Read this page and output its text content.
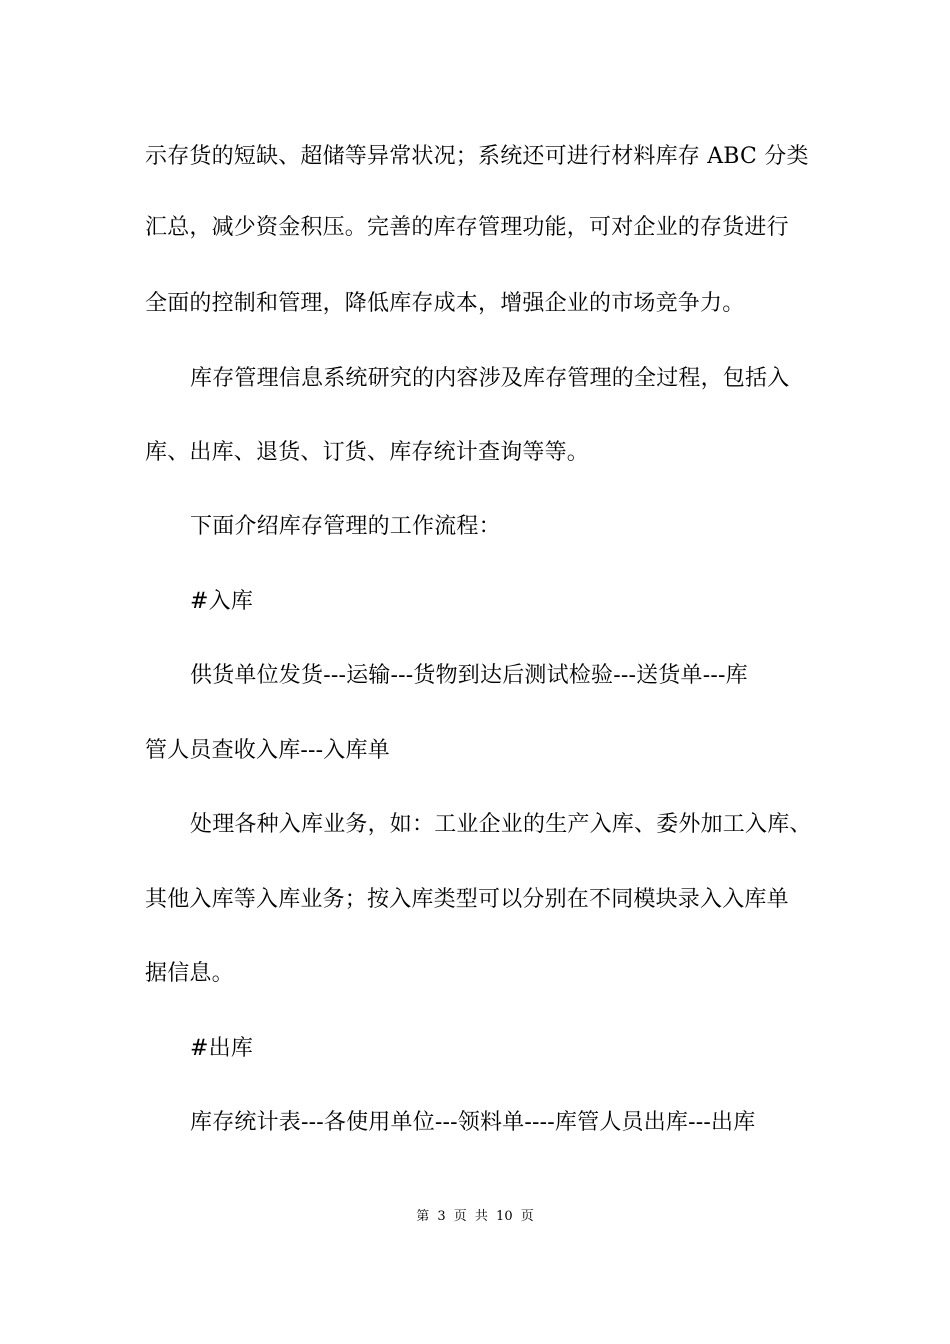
示存货的短缺、超储等异常状况；系统还可进行材料库存 ABC 分类
汇总，减少资金积压。完善的库存管理功能，可对企业的存货进行
全面的控制和管理，降低库存成本，增强企业的市场竞争力。
库存管理信息系统研究的内容涉及库存管理的全过程，包括入
库、出库、退货、订货、库存统计查询等等。
下面介绍库存管理的工作流程：
#入库
供货单位发货---运输---货物到达后测试检验---送货单---库
管人员查收入库---入库单
处理各种入库业务，如：工业企业的生产入库、委外加工入库、
其他入库等入库业务；按入库类型可以分别在不同模块录入入库单
据信息。
#出库
库存统计表---各使用单位---领料单----库管人员出库---出库
第 3 页 共 10 页
